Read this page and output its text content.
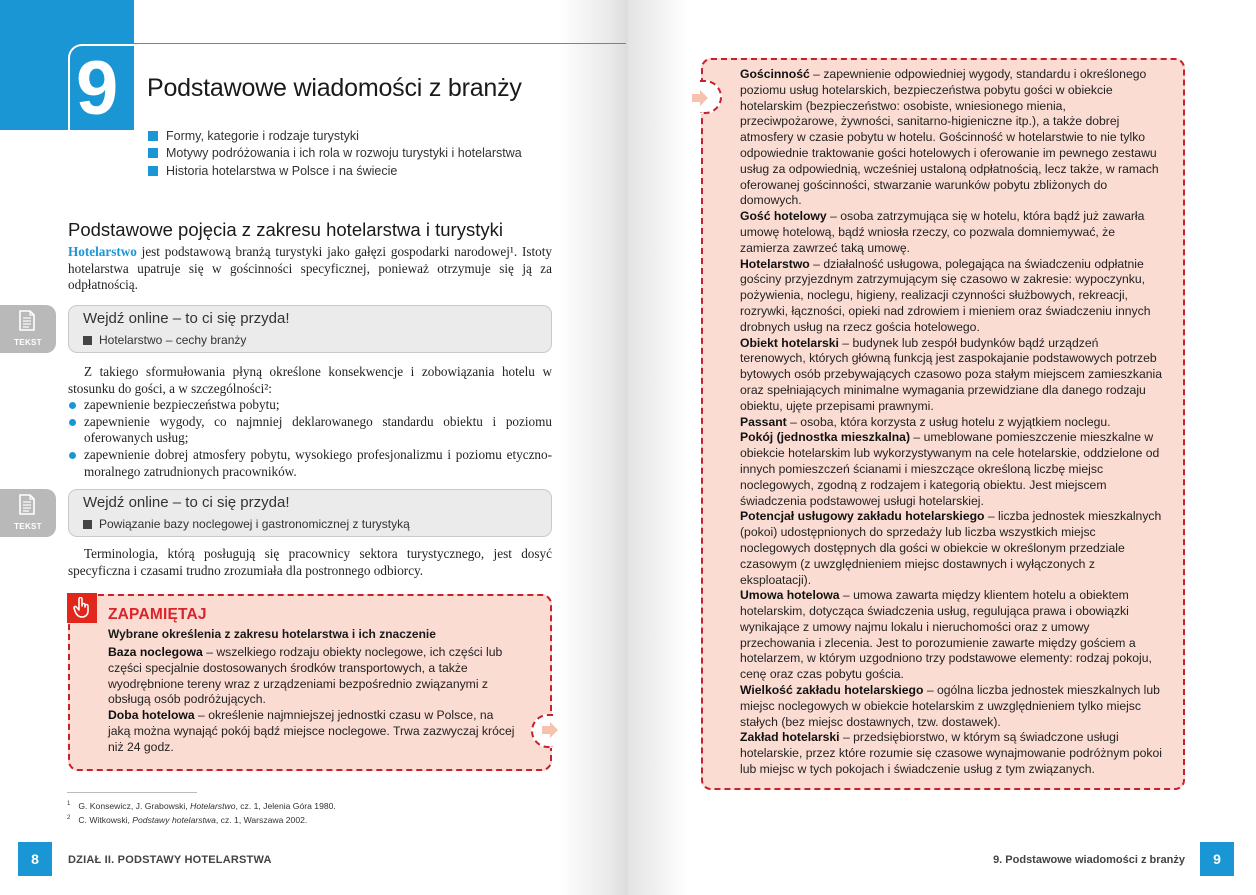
9 Podstawowe wiadomości z branży
Formy, kategorie i rodzaje turystyki
Motywy podróżowania i ich rola w rozwoju turystyki i hotelarstwa
Historia hotelarstwa w Polsce i na świecie
Podstawowe pojęcia z zakresu hotelarstwa i turystyki

Hotelarstwo jest podstawową branżą turystyki jako gałęzi gospodarki narodowej¹. Istoty hotelarstwa upatruje się w gościnności specyficznej, ponieważ otrzymuje się ją za odpłatnością.

TEKST
Wejdź online – to ci się przyda!
Hotelarstwo – cechy branży

Z takiego sformułowania płyną określone konsekwencje i zobowiązania hotelu w stosunku do gości, a w szczególności²:

zapewnienie bezpieczeństwa pobytu;
zapewnienie wygody, co najmniej deklarowanego standardu obiektu i poziomu oferowanych usług;
zapewnienie dobrej atmosfery pobytu, wysokiego profesjonalizmu i poziomu etyczno-moralnego zatrudnionych pracowników.
TEKST
Wejdź online – to ci się przyda!
Powiązanie bazy noclegowej i gastronomicznej z turystyką

Terminologia, którą posługują się pracownicy sektora turystycznego, jest dosyć specyficzna i czasami trudno zrozumiała dla postronnego odbiorcy.

ZAPAMIĘTAJ
Wybrane określenia z zakresu hotelarstwa i ich znaczenie

Baza noclegowa – wszelkiego rodzaju obiekty noclegowe, ich części lub części specjalnie dostosowanych środków transportowych, a także wyodrębnione tereny wraz z urządzeniami bezpośrednio związanymi z obsługą osób podróżujących.

Doba hotelowa – określenie najmniejszej jednostki czasu w Polsce, na jaką można wynająć pokój bądź miejsce noclegowe. Trwa zazwyczaj krócej niż 24 godz.

$^1$ G. Konsewicz, J. Grabowski, Hotelarstwo, cz. 1, Jelenia Góra 1980.

$^2$ C. Witkowski, Podstawy hotelarstwa, cz. 1, Warszawa 2002.

8	DZIAŁ II. PODSTAWY HOTELARSTWA

Gościnność – zapewnienie odpowiedniej wygody, standardu i określonego poziomu usług hotelarskich, bezpieczeństwa pobytu gości w obiekcie hotelarskim (bezpieczeństwo: osobiste, wniesionego mienia, przeciwpożarowe, żywności, sanitarno-higieniczne itp.), a także dobrej atmosfery w czasie pobytu w hotelu. Gościnność w hotelarstwie to nie tylko odpowiednie traktowanie gości hotelowych i oferowanie im pewnego zestawu usług za odpowiednią, wcześniej ustaloną odpłatnością, lecz także, w ramach oferowanej gościnności, stwarzanie warunków pobytu zbliżonych do domowych.

Gość hotelowy – osoba zatrzymująca się w hotelu, która bądź już zawarła umowę hotelową, bądź wniosła rzeczy, co pozwala domniemywać, że zamierza zawrzeć taką umowę.

Hotelarstwo – działalność usługowa, polegająca na świadczeniu odpłatnie gościny przyjezdnym zatrzymującym się czasowo w zakresie: wypoczynku, pożywienia, noclegu, higieny, realizacji czynności służbowych, rekreacji, rozrywki, łączności, opieki nad zdrowiem i mieniem oraz świadczeniu innych drobnych usług na rzecz gościa hotelowego.

Obiekt hotelarski – budynek lub zespół budynków bądź urządzeń terenowych, których główną funkcją jest zaspokajanie podstawowych potrzeb bytowych osób przebywających czasowo poza stałym miejscem zamieszkania oraz spełniających minimalne wymagania przewidziane dla danego rodzaju obiektu, ujęte przepisami prawnymi.

Passant – osoba, która korzysta z usług hotelu z wyjątkiem noclegu.

Pokój (jednostka mieszkalna) – umeblowane pomieszczenie mieszkalne w obiekcie hotelarskim lub wykorzystywanym na cele hotelarskie, oddzielone od innych pomieszczeń ścianami i mieszczące określoną liczbę miejsc noclegowych, zgodną z rodzajem i kategorią obiektu. Jest miejscem świadczenia podstawowej usługi hotelarskiej.

Potencjał usługowy zakładu hotelarskiego – liczba jednostek mieszkalnych (pokoi) udostępnionych do sprzedaży lub liczba wszystkich miejsc noclegowych dostępnych dla gości w obiekcie w określonym przedziale czasowym (z uwzględnieniem miejsc dostawnych i wyłączonych z eksploatacji).

Umowa hotelowa – umowa zawarta między klientem hotelu a obiektem hotelarskim, dotycząca świadczenia usług, regulująca prawa i obowiązki wynikające z umowy najmu lokalu i nieruchomości oraz z umowy przechowania i zlecenia. Jest to porozumienie zawarte między gościem a hotelarzem, w którym uzgodniono trzy podstawowe elementy: rodzaj pokoju, cenę oraz czas pobytu gościa.

Wielkość zakładu hotelarskiego – ogólna liczba jednostek mieszkalnych lub miejsc noclegowych w obiekcie hotelarskim z uwzględnieniem tylko miejsc stałych (bez miejsc dostawnych, tzw. dostawek).

Zakład hotelarski – przedsiębiorstwo, w którym są świadczone usługi hotelarskie, przez które rozumie się czasowe wynajmowanie podróżnym pokoi lub miejsc w tych pokojach i świadczenie usług z tym związanych.

9. Podstawowe wiadomości z branży	9
